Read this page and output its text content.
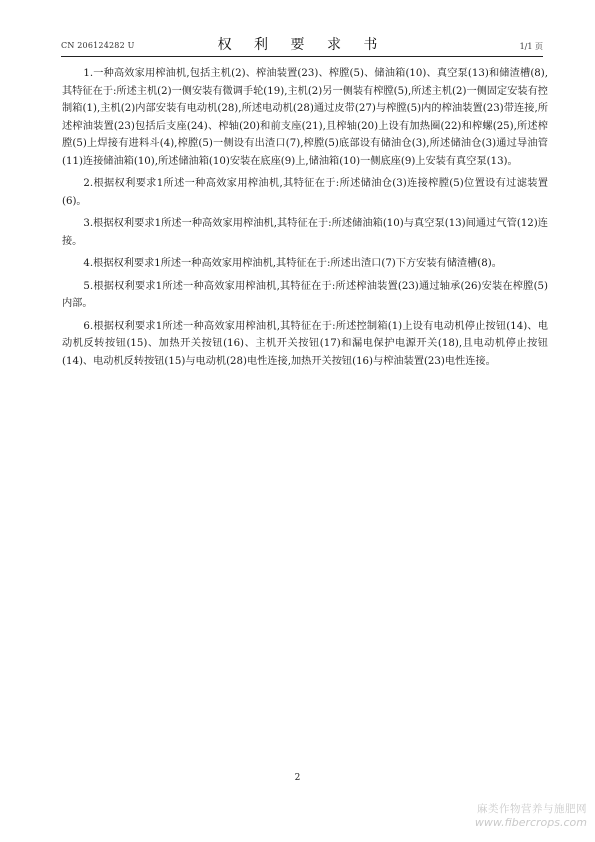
CN 206124282 U	权 利 要 求 书	1/1 页

1.一种高效家用榨油机,包括主机(2)、榨油装置(23)、榨膛(5)、储油箱(10)、真空泵(13)和储渣槽(8),其特征在于:所述主机(2)一侧安装有微调手轮(19),主机(2)另一侧装有榨膛(5),所述主机(2)一侧固定安装有控制箱(1),主机(2)内部安装有电动机(28),所述电动机(28)通过皮带(27)与榨膛(5)内的榨油装置(23)带连接,所述榨油装置(23)包括后支座(24)、榨轴(20)和前支座(21),且榨轴(20)上设有加热圈(22)和榨螺(25),所述榨膛(5)上焊接有进料斗(4),榨膛(5)一侧设有出渣口(7),榨膛(5)底部设有储油仓(3),所述储油仓(3)通过导油管(11)连接储油箱(10),所述储油箱(10)安装在底座(9)上,储油箱(10)一侧底座(9)上安装有真空泵(13)。

2.根据权利要求1所述一种高效家用榨油机,其特征在于:所述储油仓(3)连接榨膛(5)位置设有过滤装置(6)。

3.根据权利要求1所述一种高效家用榨油机,其特征在于:所述储油箱(10)与真空泵(13)间通过气管(12)连接。

4.根据权利要求1所述一种高效家用榨油机,其特征在于:所述出渣口(7)下方安装有储渣槽(8)。

5.根据权利要求1所述一种高效家用榨油机,其特征在于:所述榨油装置(23)通过轴承(26)安装在榨膛(5)内部。

6.根据权利要求1所述一种高效家用榨油机,其特征在于:所述控制箱(1)上设有电动机停止按钮(14)、电动机反转按钮(15)、加热开关按钮(16)、主机开关按钮(17)和漏电保护电源开关(18),且电动机停止按钮(14)、电动机反转按钮(15)与电动机(28)电性连接,加热开关按钮(16)与榨油装置(23)电性连接。

2
麻类作物营养与施肥网
www.fibercrops.com
